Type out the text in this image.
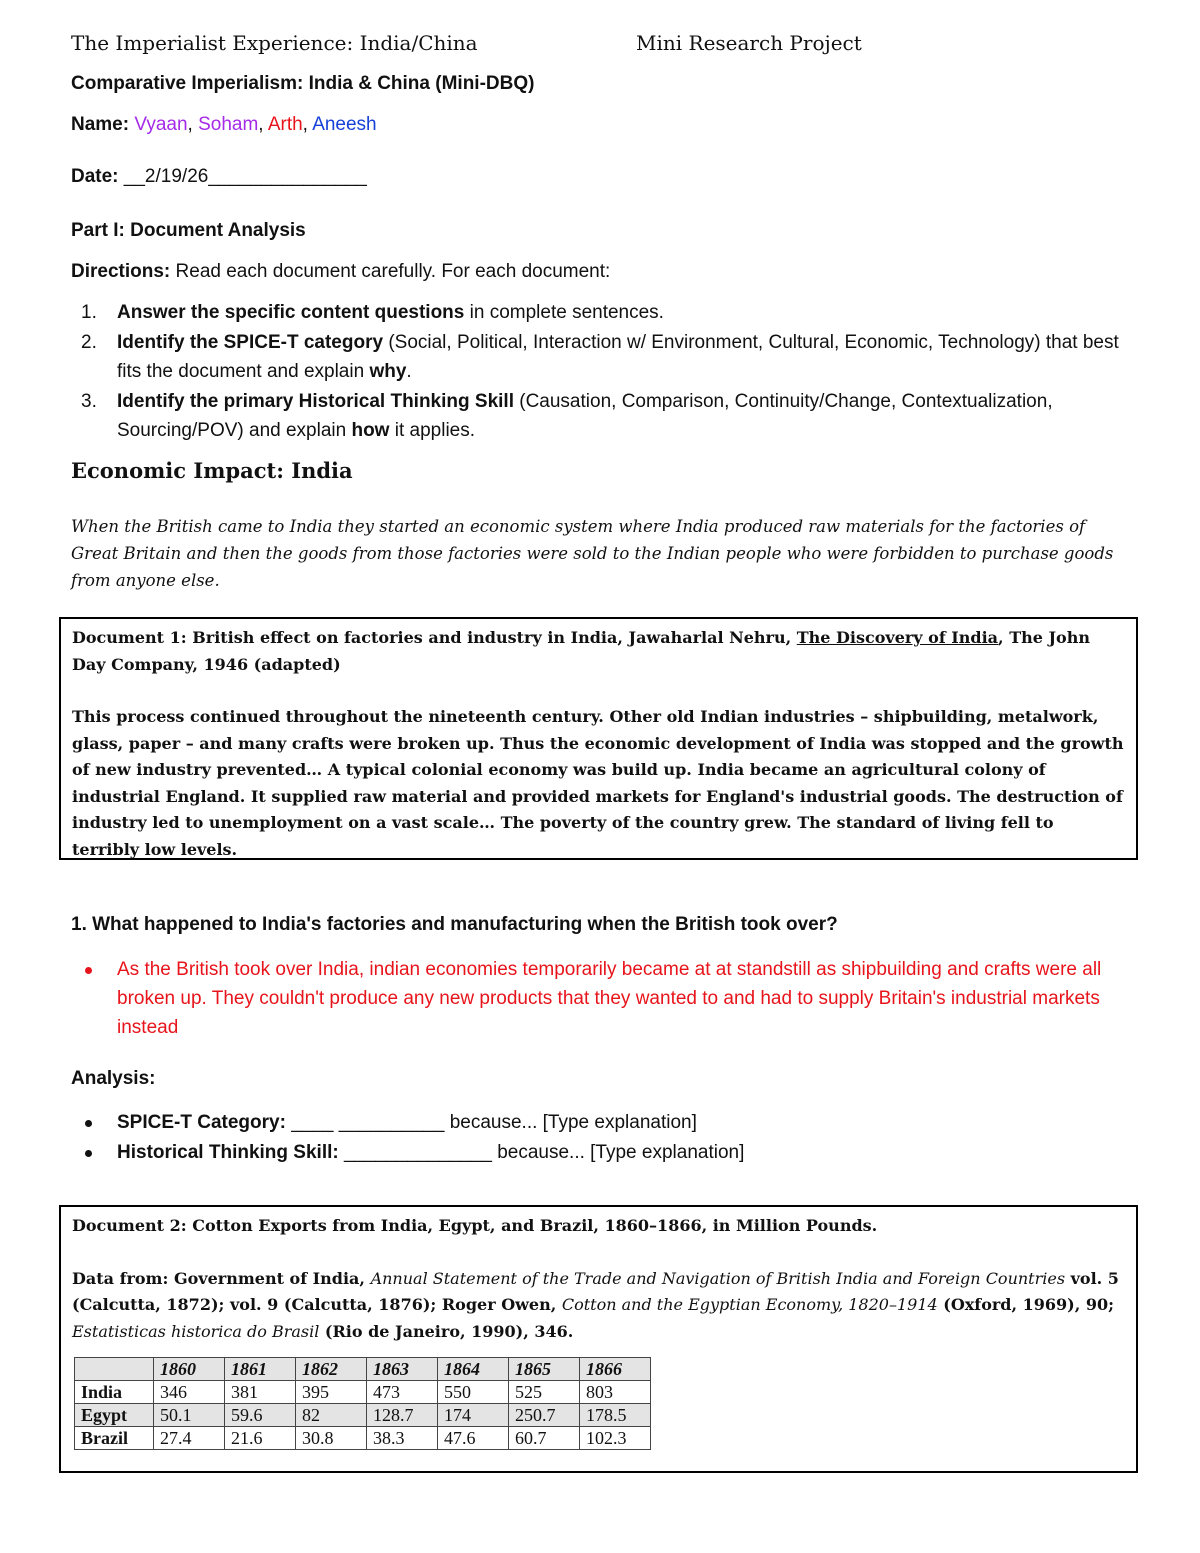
The Imperialist Experience: India/China	Mini Research Project
Comparative Imperialism: India & China (Mini-DBQ)
Name: Vyaan, Soham, Arth, Aneesh
Date: __2/19/26_______________
Part I: Document Analysis
Directions: Read each document carefully. For each document:
1. Answer the specific content questions in complete sentences.
2. Identify the SPICE-T category (Social, Political, Interaction w/ Environment, Cultural, Economic, Technology) that best fits the document and explain why.
3. Identify the primary Historical Thinking Skill (Causation, Comparison, Continuity/Change, Contextualization, Sourcing/POV) and explain how it applies.
Economic Impact: India
When the British came to India they started an economic system where India produced raw materials for the factories of Great Britain and then the goods from those factories were sold to the Indian people who were forbidden to purchase goods from anyone else.
Document 1: British effect on factories and industry in India, Jawaharlal Nehru, The Discovery of India, The John Day Company, 1946 (adapted)
This process continued throughout the nineteenth century. Other old Indian industries – shipbuilding, metalwork, glass, paper – and many crafts were broken up. Thus the economic development of India was stopped and the growth of new industry prevented… A typical colonial economy was build up. India became an agricultural colony of industrial England. It supplied raw material and provided markets for England's industrial goods. The destruction of industry led to unemployment on a vast scale… The poverty of the country grew. The standard of living fell to terribly low levels.
1. What happened to India's factories and manufacturing when the British took over?
As the British took over India, indian economies temporarily became at at standstill as shipbuilding and crafts were all broken up. They couldn't produce any new products that they wanted to and had to supply Britain's industrial markets instead
Analysis:
SPICE-T Category: ____ __________ because... [Type explanation]
Historical Thinking Skill: ______________ because... [Type explanation]
Document 2: Cotton Exports from India, Egypt, and Brazil, 1860–1866, in Million Pounds.
Data from: Government of India, Annual Statement of the Trade and Navigation of British India and Foreign Countries vol. 5 (Calcutta, 1872); vol. 9 (Calcutta, 1876); Roger Owen, Cotton and the Egyptian Economy, 1820–1914 (Oxford, 1969), 90; Estatisticas historica do Brasil (Rio de Janeiro, 1990), 346.
	1860	1861	1862	1863	1864	1865	1866
India	346	381	395	473	550	525	803
Egypt	50.1	59.6	82	128.7	174	250.7	178.5
Brazil	27.4	21.6	30.8	38.3	47.6	60.7	102.3
